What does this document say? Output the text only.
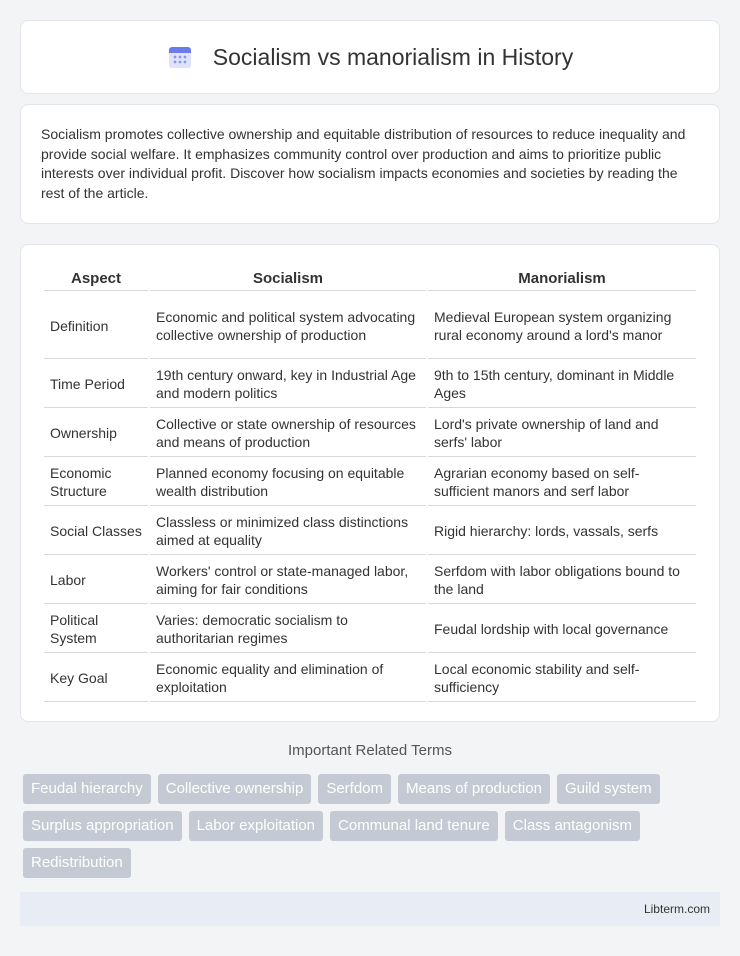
Socialism vs manorialism in History

Socialism promotes collective ownership and equitable distribution of resources to reduce inequality and provide social welfare. It emphasizes community control over production and aims to prioritize public interests over individual profit. Discover how socialism impacts economies and societies by reading the rest of the article.

Aspect	Socialism	Manorialism
Definition	Economic and political system advocating collective ownership of production	Medieval European system organizing rural economy around a lord's manor
Time Period	19th century onward, key in Industrial Age and modern politics	9th to 15th century, dominant in Middle Ages
Ownership	Collective or state ownership of resources and means of production	Lord's private ownership of land and serfs' labor
Economic Structure	Planned economy focusing on equitable wealth distribution	Agrarian economy based on self-sufficient manors and serf labor
Social Classes	Classless or minimized class distinctions aimed at equality	Rigid hierarchy: lords, vassals, serfs
Labor	Workers' control or state-managed labor, aiming for fair conditions	Serfdom with labor obligations bound to the land
Political System	Varies: democratic socialism to authoritarian regimes	Feudal lordship with local governance
Key Goal	Economic equality and elimination of exploitation	Local economic stability and self-sufficiency
Important Related Terms
Feudal hierarchy	Collective ownership	Serfdom	Means of production	Guild system
Surplus appropriation	Labor exploitation	Communal land tenure	Class antagonism
Redistribution
Libterm.com
